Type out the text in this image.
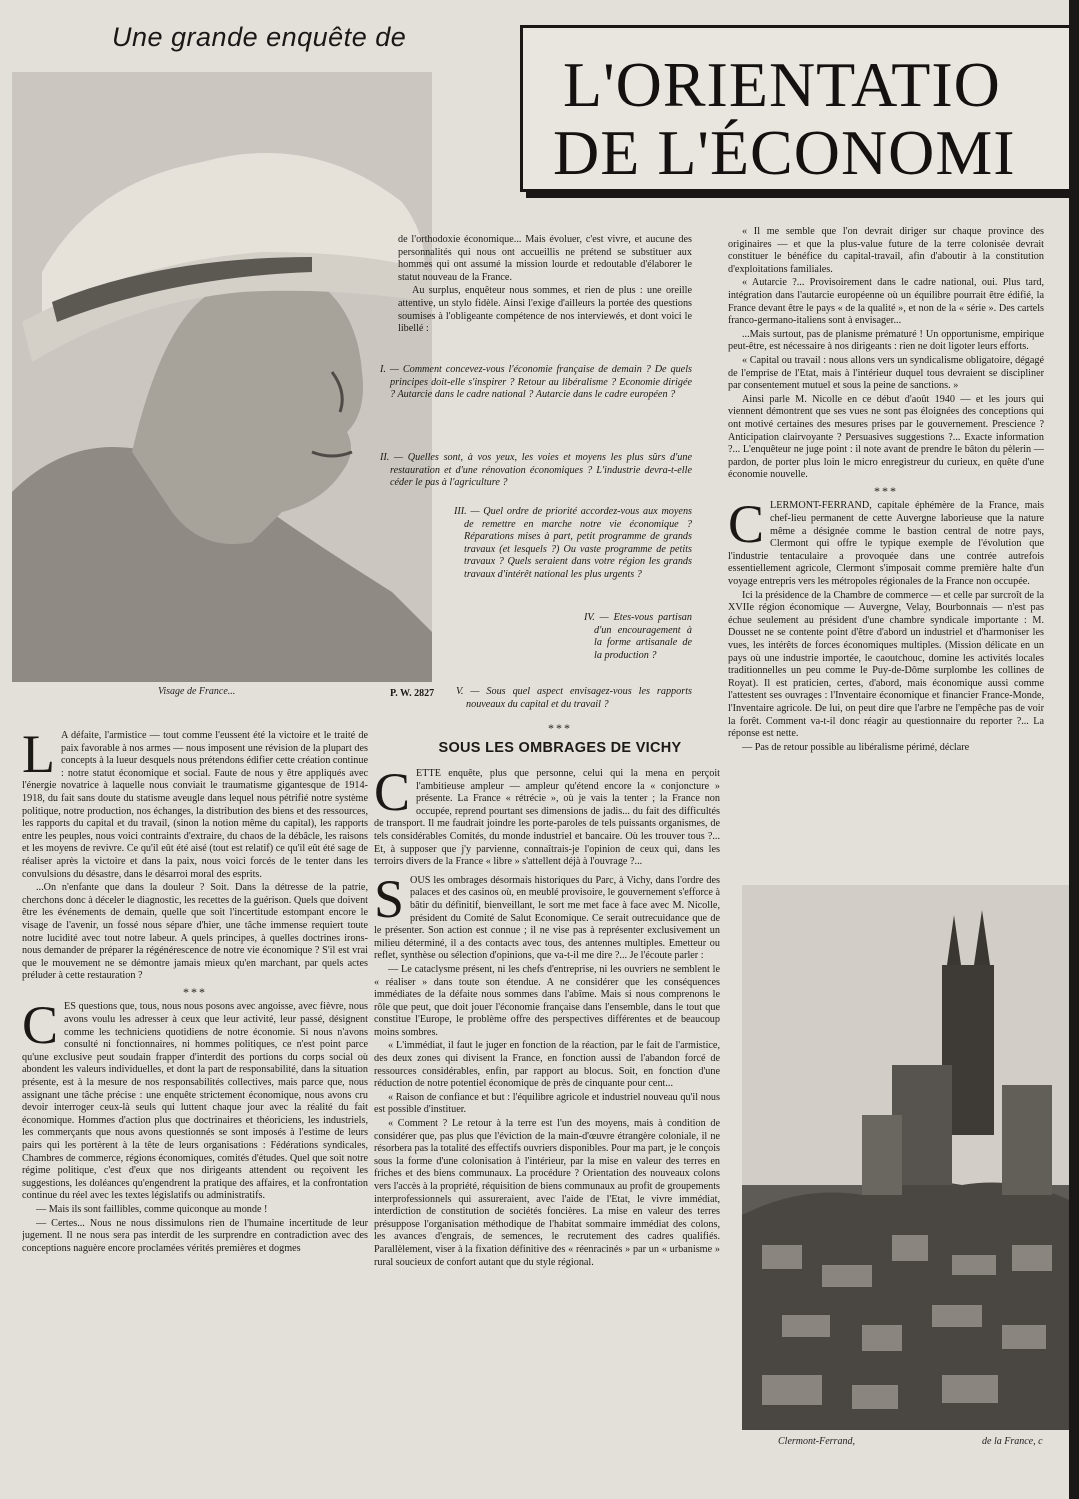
Une grande enquête de
L'ORIENTATIO
DE L'ÉCONOMI
Visage de France...	P. W. 2827

de l'orthodoxie économique... Mais évoluer, c'est vivre, et aucune des personnalités qui nous ont accueillis ne prétend se substituer aux hommes qui ont assumé la mission lourde et redoutable d'élaborer le statut nouveau de la France.

Au surplus, enquêteur nous sommes, et rien de plus : une oreille attentive, un stylo fidèle. Ainsi l'exige d'ailleurs la portée des questions soumises à l'obligeante compétence de nos interviewés, et dont voici le libellé :

I. — Comment concevez-vous l'économie française de demain ? De quels principes doit-elle s'inspirer ? Retour au libéralisme ? Economie dirigée ? Autarcie dans le cadre national ? Autarcie dans le cadre européen ?

II. — Quelles sont, à vos yeux, les voies et moyens les plus sûrs d'une restauration et d'une rénovation économiques ? L'industrie devra-t-elle céder le pas à l'agriculture ?

III. — Quel ordre de priorité accordez-vous aux moyens de remettre en marche notre vie économique ? Réparations mises à part, petit programme de grands travaux (et lesquels ?) Ou vaste programme de petits travaux ? Quels seraient dans votre région les grands travaux d'intérêt national les plus urgents ?

IV. — Etes-vous partisan d'un encouragement à la forme artisanale de la production ?

V. — Sous quel aspect envisagez-vous les rapports nouveaux du capital et du travail ?

***

L A défaite, l'armistice — tout comme l'eussent été la victoire et le traité de paix favorable à nos armes — nous imposent une révision de la plupart des concepts à la lueur desquels nous prétendons édifier cette création continue : notre statut économique et social. Faute de nous y être appliqués avec l'énergie novatrice à laquelle nous conviait le traumatisme gigantesque de 1914-1918, du fait sans doute du statisme aveugle dans lequel nous pétrifié notre système politique, notre production, nos échanges, la distribution des biens et des ressources, les rapports du capital et du travail, (sinon la notion même du capital), les rapports entre les peuples, nous voici contraints d'extraire, du chaos de la débâcle, les raisons et les moyens de revivre. Ce qu'il eût été aisé (tout est relatif) ce qu'il eût été sage de réaliser après la victoire et dans la paix, nous voici forcés de le tenter dans les convulsions du désastre, dans le désarroi moral des esprits.

...On n'enfante que dans la douleur ? Soit. Dans la détresse de la patrie, cherchons donc à déceler le diagnostic, les recettes de la guérison. Quels que doivent être les événements de demain, quelle que soit l'incertitude estompant encore le visage de l'avenir, un fossé nous sépare d'hier, une tâche immense requiert toute notre lucidité avec tout notre labeur. A quels principes, à quelles doctrines irons-nous demander de préparer la régénérescence de notre vie économique ? S'il est vrai que le mouvement ne se démontre jamais mieux qu'en marchant, par quels actes préluder à cette restauration ?

***

CES questions que, tous, nous nous posons avec angoisse, avec fièvre, nous avons voulu les adresser à ceux que leur activité, leur passé, désignent comme les techniciens quotidiens de notre économie. Si nous n'avons consulté ni fonctionnaires, ni hommes politiques, ce n'est point parce qu'une exclusive peut soudain frapper d'interdit des portions du corps social où abondent les valeurs individuelles, et dont la part de responsabilité, dans la situation présente, est à la mesure de nos responsabilités collectives, mais parce que, nous assignant une tâche précise : une enquête strictement économique, nous avons cru devoir interroger ceux-là seuls qui luttent chaque jour avec la réalité du fait économique. Hommes d'action plus que doctrinaires et théoriciens, les industriels, les commerçants que nous avons questionnés se sont imposés à l'estime de leurs pairs qui les portèrent à la tête de leurs organisations : Fédérations syndicales, Chambres de commerce, régions économiques, comités d'études. Quel que soit notre régime politique, c'est d'eux que nos dirigeants attendent ou reçoivent les suggestions, les doléances qu'engendrent la pratique des affaires, et la confrontation continue du réel avec les textes législatifs ou administratifs.

— Mais ils sont faillibles, comme quiconque au monde !

— Certes... Nous ne nous dissimulons rien de l'humaine incertitude de leur jugement. Il ne nous sera pas interdit de les surprendre en contradiction avec des conceptions naguère encore proclamées vérités premières et dogmes

SOUS LES OMBRAGES DE VICHY

CETTE enquête, plus que personne, celui qui la mena en perçoit l'ambitieuse ampleur — ampleur qu'étend encore la « conjoncture » présente. La France « rétrécie », où je vais la tenter ; la France non occupée, reprend pourtant ses dimensions de jadis... du fait des difficultés de transport. Il me faudrait joindre les porte-paroles de tels puissants organismes, de tels considérables Comités, du monde industriel et bancaire. Où les trouver tous ?... Et, à supposer que j'y parvienne, connaîtrais-je l'opinion de ceux qui, dans les terroirs divers de la France « libre » s'attellent déjà à l'ouvrage ?...

SOUS les ombrages désormais historiques du Parc, à Vichy, dans l'ordre des palaces et des casinos où, en meublé provisoire, le gouvernement s'efforce à bâtir du définitif, bienveillant, le sort me met face à face avec M. Nicolle, président du Comité de Salut Economique. Ce serait outrecuidance que de le présenter. Son action est connue ; il ne vise pas à représenter exclusivement un milieu déterminé, il a des contacts avec tous, des antennes multiples. Emetteur ou reflet, synthèse ou sélection d'opinions, que va-t-il me dire ?... Je l'écoute parler :

— Le cataclysme présent, ni les chefs d'entreprise, ni les ouvriers ne semblent le « réaliser » dans toute son étendue. A ne considérer que les conséquences immédiates de la défaite nous sommes dans l'abîme. Mais si nous comprenons le rôle que peut, que doit jouer l'économie française dans l'ensemble, dans le tout que constitue l'Europe, le problème offre des perspectives différentes et de beaucoup moins sombres.

« L'immédiat, il faut le juger en fonction de la réaction, par le fait de l'armistice, des deux zones qui divisent la France, en fonction aussi de l'abandon forcé de ressources considérables, enfin, par rapport au blocus. Soit, en fonction d'une réduction de notre potentiel économique de près de cinquante pour cent...

« Raison de confiance et but : l'équilibre agricole et industriel nouveau qu'il nous est possible d'instituer.

« Comment ? Le retour à la terre est l'un des moyens, mais à condition de considérer que, pas plus que l'éviction de la main-d'œuvre étrangère coloniale, il ne résorbera pas la totalité des effectifs ouvriers disponibles. Pour ma part, je le conçois sous la forme d'une colonisation à l'intérieur, par la mise en valeur des terres en friches et des biens communaux. La procédure ? Orientation des nouveaux colons vers l'accès à la propriété, réquisition de biens communaux au profit de groupements interprofessionnels qui assureraient, avec l'aide de l'Etat, le vivre immédiat, interdiction de constitution de sociétés foncières. La mise en valeur des terres présuppose l'organisation méthodique de l'habitat sommaire immédiat des colons, les avances d'engrais, de semences, le recrutement des cadres qualifiés. Parallèlement, viser à la fixation définitive des « réenracinés » par un « urbanisme » rural soucieux de confort autant que du style régional.

« Il me semble que l'on devrait diriger sur chaque province des originaires — et que la plus-value future de la terre colonisée devrait constituer le bénéfice du capital-travail, afin d'aboutir à la constitution d'exploitations familiales.

« Autarcie ?... Provisoirement dans le cadre national, oui. Plus tard, intégration dans l'autarcie européenne où un équilibre pourrait être édifié, la France devant être le pays « de la qualité », et non de la « série ». Des cartels franco-germano-italiens sont à envisager...

...Mais surtout, pas de planisme prématuré ! Un opportunisme, empirique peut-être, est nécessaire à nos dirigeants : rien ne doit ligoter leurs efforts.

« Capital ou travail : nous allons vers un syndicalisme obligatoire, dégagé de l'emprise de l'Etat, mais à l'intérieur duquel tous devraient se discipliner par consentement mutuel et sous la peine de sanctions. »

Ainsi parle M. Nicolle en ce début d'août 1940 — et les jours qui viennent démontrent que ses vues ne sont pas éloignées des conceptions qui ont motivé certaines des mesures prises par le gouvernement. Prescience ? Anticipation clairvoyante ? Persuasives suggestions ?... Exacte information ?... L'enquêteur ne juge point : il note avant de prendre le bâton du pèlerin — pardon, de porter plus loin le micro enregistreur du curieux, en quête d'une économie nouvelle.

***

CLERMONT-FERRAND, capitale éphémère de la France, mais chef-lieu permanent de cette Auvergne laborieuse que la nature même a désignée comme le bastion central de notre pays, Clermont qui offre le typique exemple de l'évolution que l'industrie tentaculaire a provoquée dans une contrée autrefois essentiellement agricole, Clermont s'imposait comme première halte d'un voyage entrepris vers les métropoles régionales de la France non occupée.

Ici la présidence de la Chambre de commerce — et celle par surcroît de la XVIIe région économique — Auvergne, Velay, Bourbonnais — n'est pas échue seulement au président d'une chambre syndicale importante : M. Dousset ne se contente point d'être d'abord un industriel et d'harmoniser les vues, les intérêts de forces économiques multiples. (Mission délicate en un pays où une industrie importée, le caoutchouc, domine les activités locales traditionnelles un peu comme le Puy-de-Dôme surplombe les collines de Royat). Il est praticien, certes, d'abord, mais économique aussi comme l'attestent ses ouvrages : l'Inventaire économique et financier France-Monde, l'Inventaire agricole. De lui, on peut dire que l'arbre ne l'empêche pas de voir la forêt. Comment va-t-il donc réagir au questionnaire du reporter ?... La réponse est nette.

— Pas de retour possible au libéralisme périmé, déclare

Clermont-Ferrand,	de la France, c
